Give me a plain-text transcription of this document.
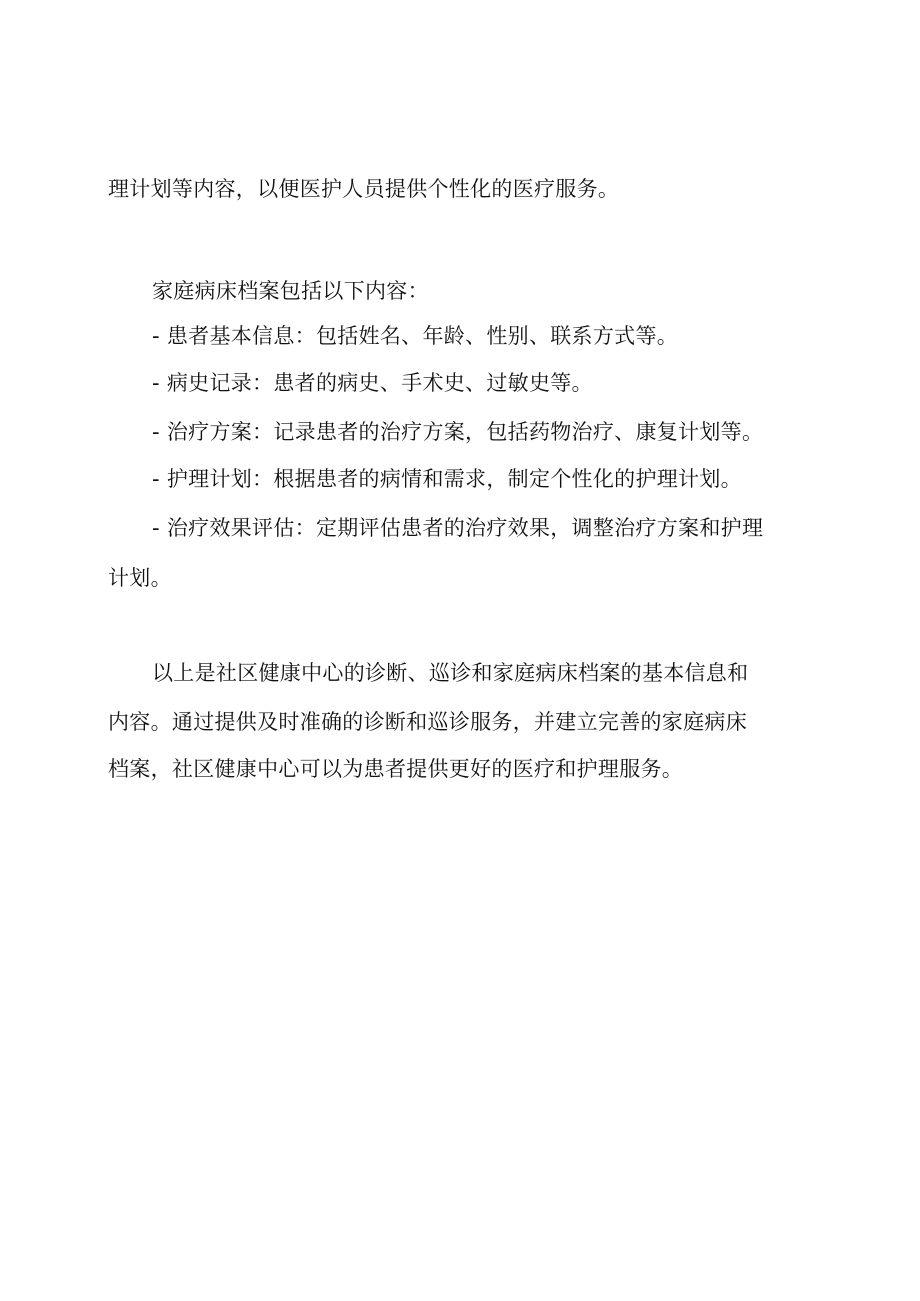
理计划等内容，以便医护人员提供个性化的医疗服务。
家庭病床档案包括以下内容：
- 患者基本信息：包括姓名、年龄、性别、联系方式等。
- 病史记录：患者的病史、手术史、过敏史等。
- 治疗方案：记录患者的治疗方案，包括药物治疗、康复计划等。
- 护理计划：根据患者的病情和需求，制定个性化的护理计划。
- 治疗效果评估：定期评估患者的治疗效果，调整治疗方案和护理
计划。
以上是社区健康中心的诊断、巡诊和家庭病床档案的基本信息和
内容。通过提供及时准确的诊断和巡诊服务，并建立完善的家庭病床
档案，社区健康中心可以为患者提供更好的医疗和护理服务。
